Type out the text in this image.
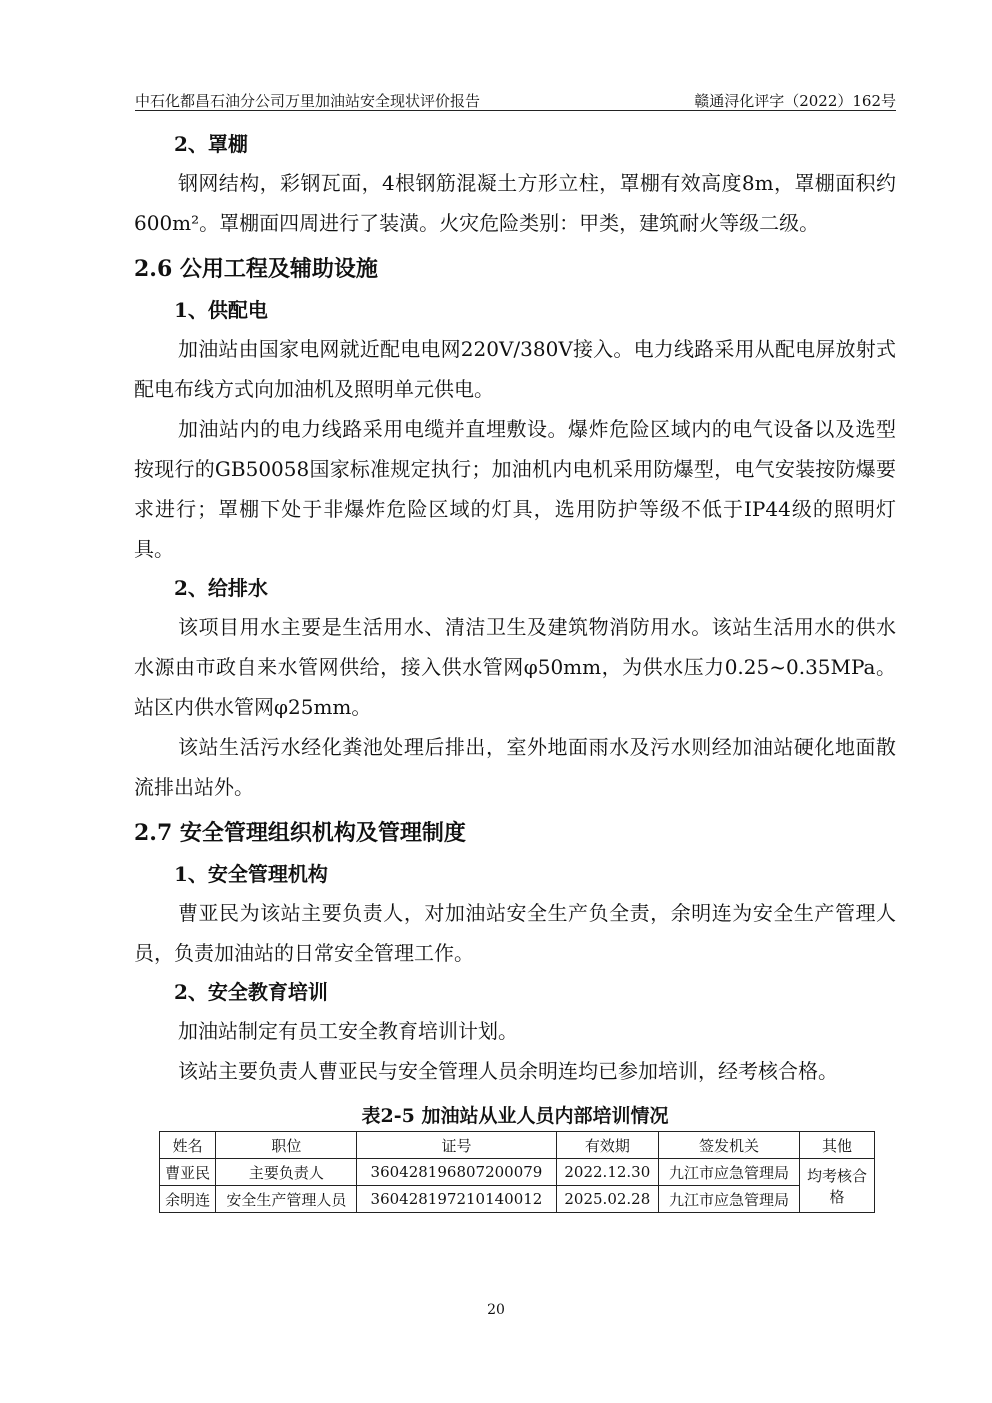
中石化都昌石油分公司万里加油站安全现状评价报告	赣通浔化评字（2022）162号
2、罩棚

钢网结构，彩钢瓦面，4根钢筋混凝土方形立柱，罩棚有效高度8m，罩棚面积约600m²。罩棚面四周进行了装潢。火灾危险类别：甲类，建筑耐火等级二级。

2.6 公用工程及辅助设施
1、供配电

加油站由国家电网就近配电电网220V/380V接入。电力线路采用从配电屏放射式配电布线方式向加油机及照明单元供电。

加油站内的电力线路采用电缆并直埋敷设。爆炸危险区域内的电气设备以及选型按现行的GB50058国家标准规定执行；加油机内电机采用防爆型，电气安装按防爆要求进行；罩棚下处于非爆炸危险区域的灯具，选用防护等级不低于IP44级的照明灯具。

2、给排水

该项目用水主要是生活用水、清洁卫生及建筑物消防用水。该站生活用水的供水水源由市政自来水管网供给，接入供水管网φ50mm，为供水压力0.25~0.35MPa。站区内供水管网φ25mm。

该站生活污水经化粪池处理后排出，室外地面雨水及污水则经加油站硬化地面散流排出站外。

2.7 安全管理组织机构及管理制度
1、安全管理机构

曹亚民为该站主要负责人，对加油站安全生产负全责，余明连为安全生产管理人员，负责加油站的日常安全管理工作。

2、安全教育培训

加油站制定有员工安全教育培训计划。

该站主要负责人曹亚民与安全管理人员余明连均已参加培训，经考核合格。

表2-5 加油站从业人员内部培训情况
姓名	职位	证号	有效期	签发机关	其他
曹亚民	主要负责人	360428196807200079	2022.12.30	九江市应急管理局	均考核合格
余明连	安全生产管理人员	360428197210140012	2025.02.28	九江市应急管理局	
20
